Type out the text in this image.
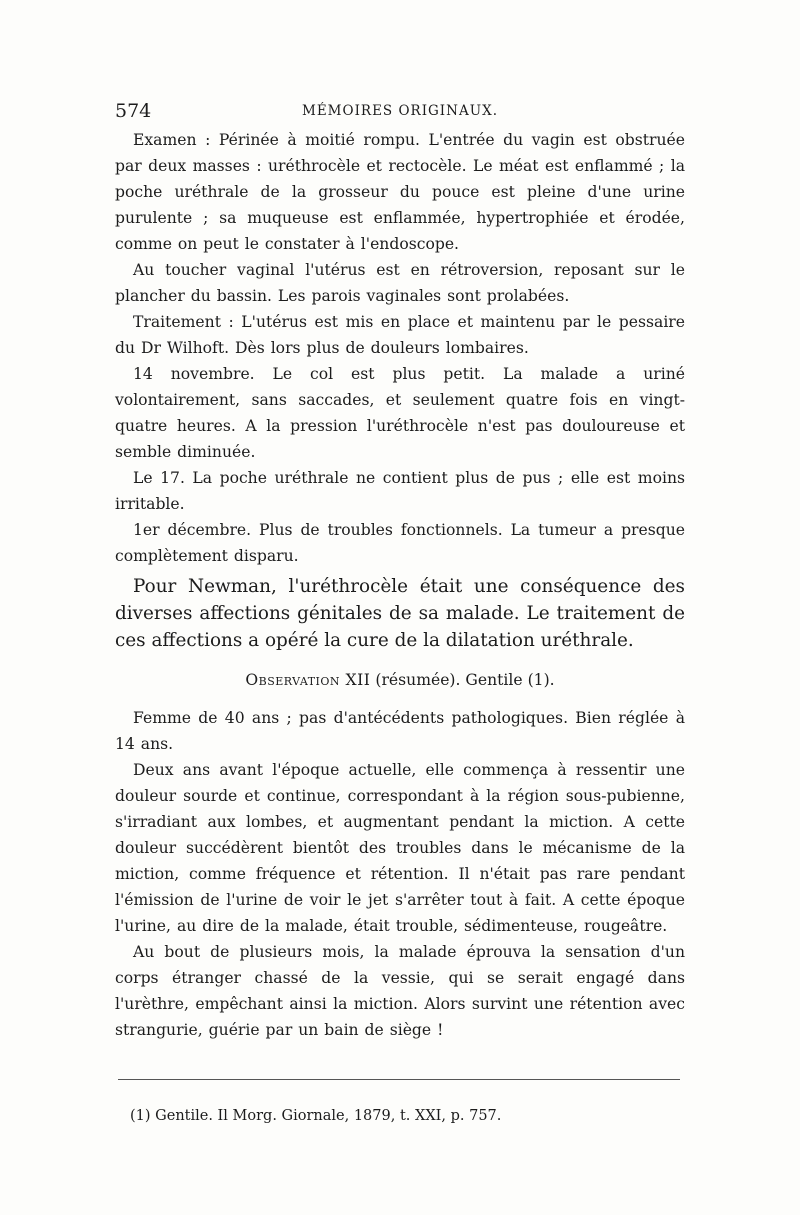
574	MÉMOIRES ORIGINAUX.

Examen : Périnée à moitié rompu. L'entrée du vagin est obstruée par deux masses : uréthrocèle et rectocèle. Le méat est enflammé ; la poche uréthrale de la grosseur du pouce est pleine d'une urine purulente ; sa muqueuse est enflammée, hypertrophiée et érodée, comme on peut le constater à l'endoscope.

Au toucher vaginal l'utérus est en rétroversion, reposant sur le plancher du bassin. Les parois vaginales sont prolabées.

Traitement : L'utérus est mis en place et maintenu par le pessaire du Dr Wilhoft. Dès lors plus de douleurs lombaires.

14 novembre. Le col est plus petit. La malade a uriné volontairement, sans saccades, et seulement quatre fois en vingt-quatre heures. A la pression l'uréthrocèle n'est pas douloureuse et semble diminuée.

Le 17. La poche uréthrale ne contient plus de pus ; elle est moins irritable.

1er décembre. Plus de troubles fonctionnels. La tumeur a presque complètement disparu.

Pour Newman, l'uréthrocèle était une conséquence des diverses affections génitales de sa malade. Le traitement de ces affections a opéré la cure de la dilatation uréthrale.

Observation XII (résumée). Gentile (1).

Femme de 40 ans ; pas d'antécédents pathologiques. Bien réglée à 14 ans.

Deux ans avant l'époque actuelle, elle commença à ressentir une douleur sourde et continue, correspondant à la région sous-pubienne, s'irradiant aux lombes, et augmentant pendant la miction. A cette douleur succédèrent bientôt des troubles dans le mécanisme de la miction, comme fréquence et rétention. Il n'était pas rare pendant l'émission de l'urine de voir le jet s'arrêter tout à fait. A cette époque l'urine, au dire de la malade, était trouble, sédimenteuse, rougeâtre.

Au bout de plusieurs mois, la malade éprouva la sensation d'un corps étranger chassé de la vessie, qui se serait engagé dans l'urèthre, empêchant ainsi la miction. Alors survint une rétention avec strangurie, guérie par un bain de siège !

(1) Gentile. Il Morg. Giornale, 1879, t. XXI, p. 757.
